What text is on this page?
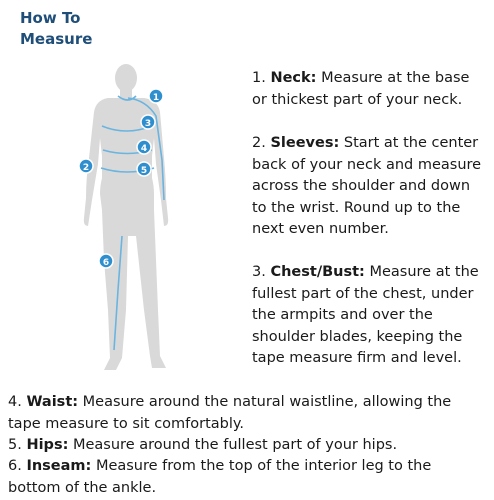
How To Measure
1
2
3
4
5
6
1. Neck: Measure at the base or thickest part of your neck.
2. Sleeves: Start at the center back of your neck and measure across the shoulder and down to the wrist. Round up to the next even number.
3. Chest/Bust: Measure at the fullest part of the chest, under the armpits and over the shoulder blades, keeping the tape measure firm and level.
4. Waist: Measure around the natural waistline, allowing the tape measure to sit comfortably.
5. Hips: Measure around the fullest part of your hips.
6. Inseam: Measure from the top of the interior leg to the bottom of the ankle.
